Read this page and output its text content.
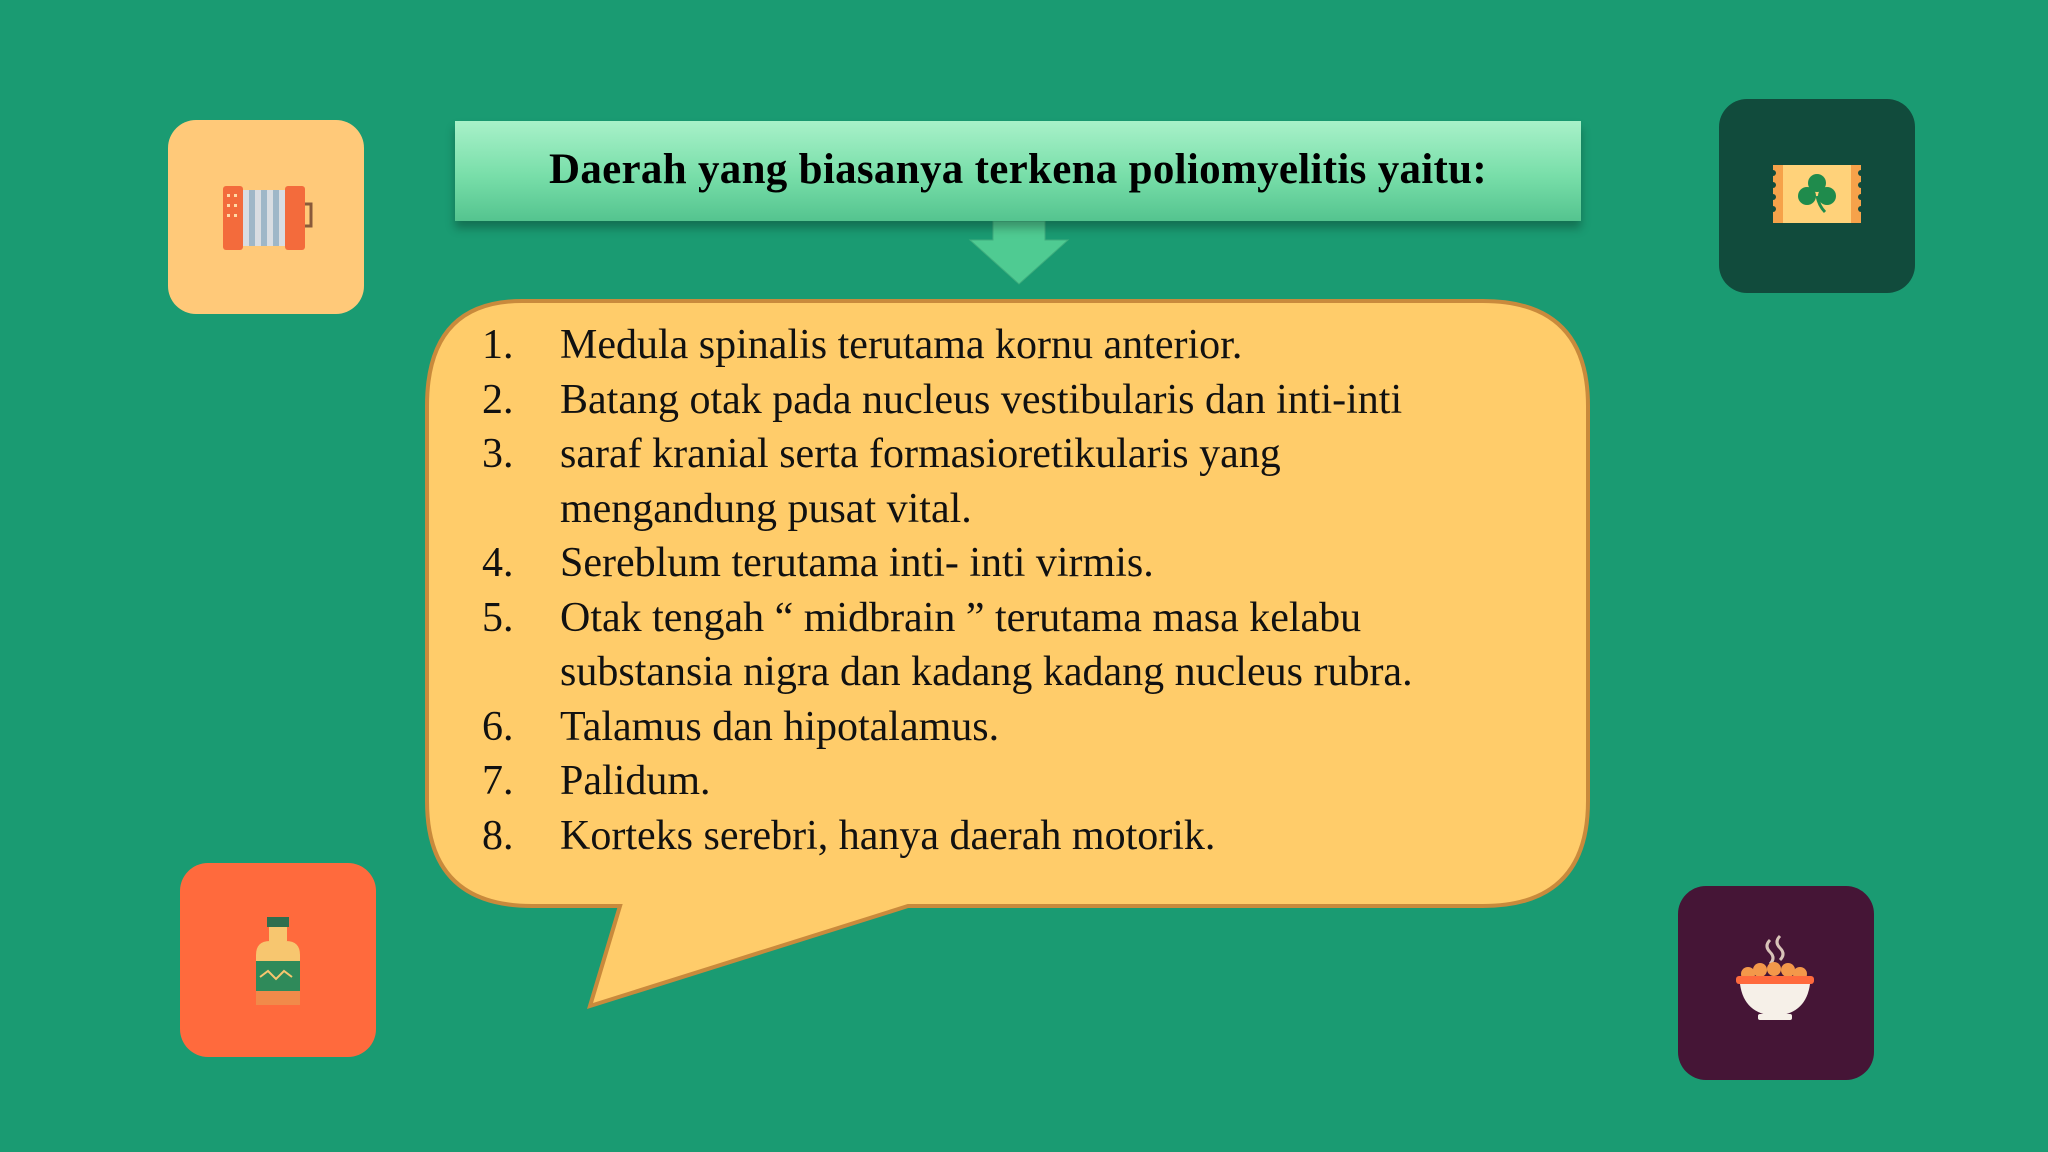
Daerah yang biasanya terkena poliomyelitis yaitu:
1. Medula spinalis terutama kornu anterior.
2. Batang otak pada nucleus vestibularis dan inti-inti
3. saraf kranial serta formasioretikularis yang
mengandung pusat vital.
4. Sereblum terutama inti- inti virmis.
5. Otak tengah “ midbrain ” terutama masa kelabu
substansia nigra dan kadang kadang nucleus rubra.
6. Talamus dan hipotalamus.
7. Palidum.
8. Korteks serebri, hanya daerah motorik.
